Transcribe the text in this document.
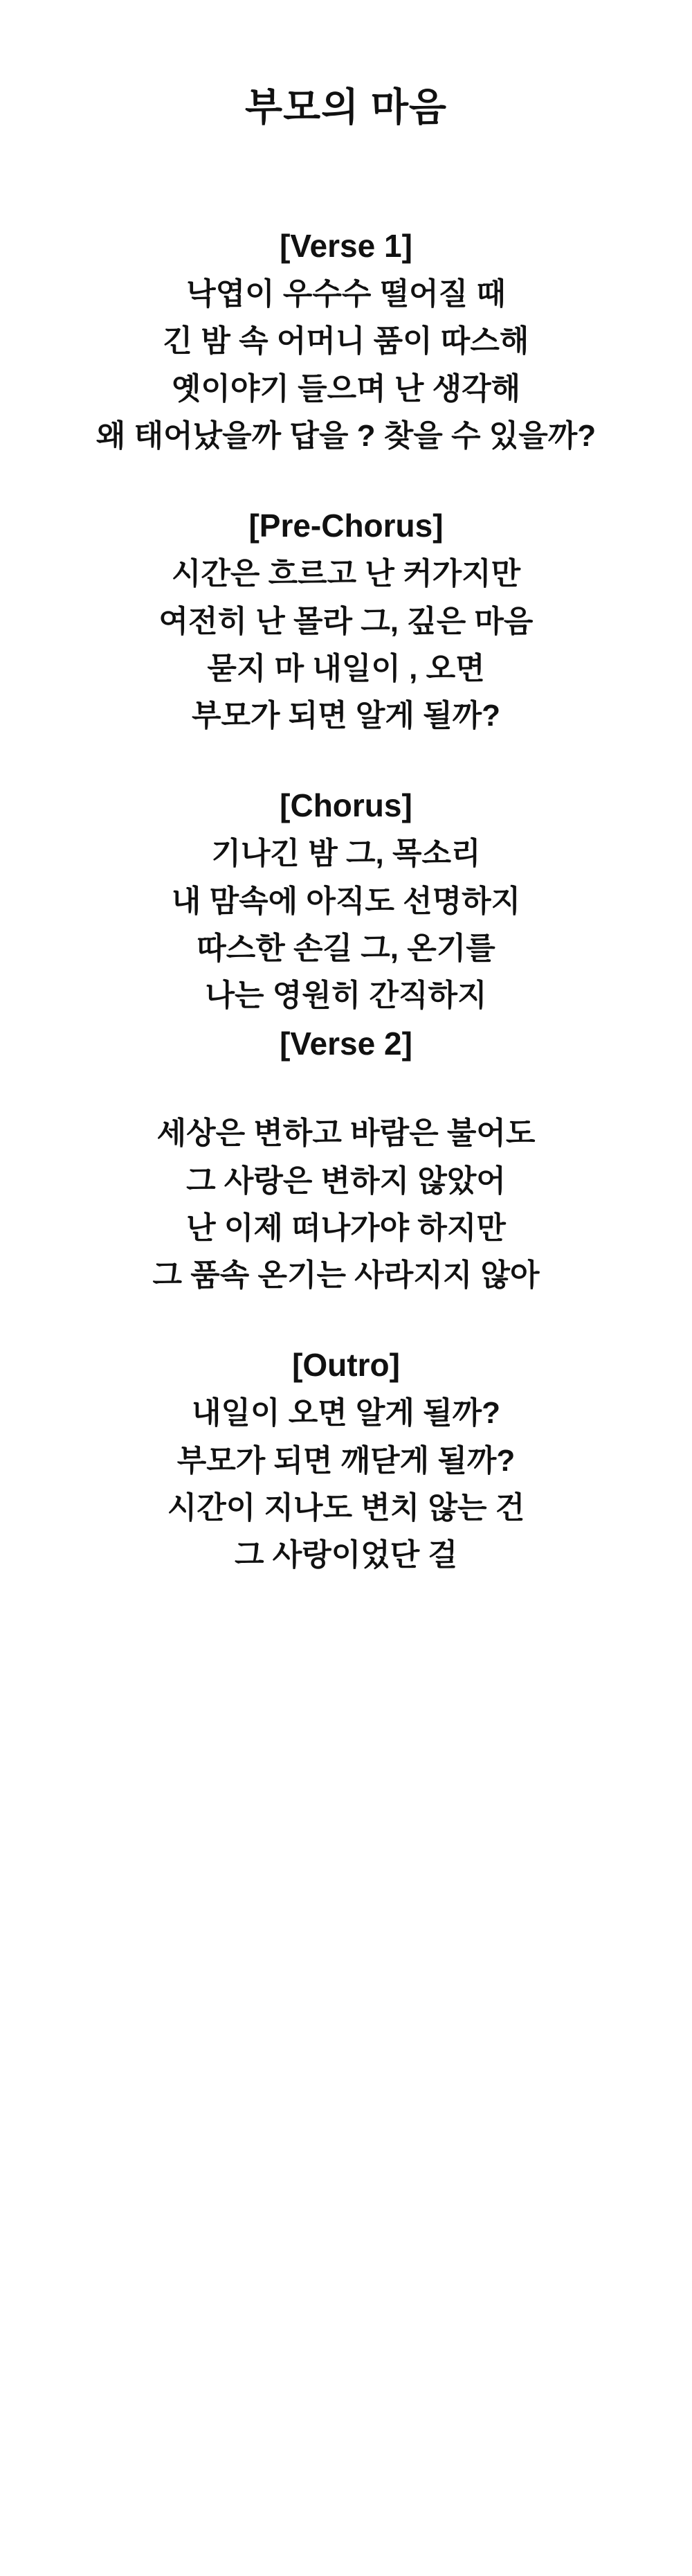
부모의 마음
[Verse 1]
낙엽이 우수수 떨어질 때
긴 밤 속 어머니 품이 따스해
옛이야기 들으며 난 생각해
왜 태어났을까 답을 ? 찾을 수 있을까?
[Pre-Chorus]
시간은 흐르고 난 커가지만
여전히 난 몰라 그, 깊은 마음
묻지 마 내일이 , 오면
부모가 되면 알게 될까?
[Chorus]
기나긴 밤 그, 목소리
내 맘속에 아직도 선명하지
따스한 손길 그, 온기를
나는 영원히 간직하지
[Verse 2]
세상은 변하고 바람은 불어도
그 사랑은 변하지 않았어
난 이제 떠나가야 하지만
그 품속 온기는 사라지지 않아
[Outro]
내일이 오면 알게 될까?
부모가 되면 깨닫게 될까?
시간이 지나도 변치 않는 건
그 사랑이었단 걸
